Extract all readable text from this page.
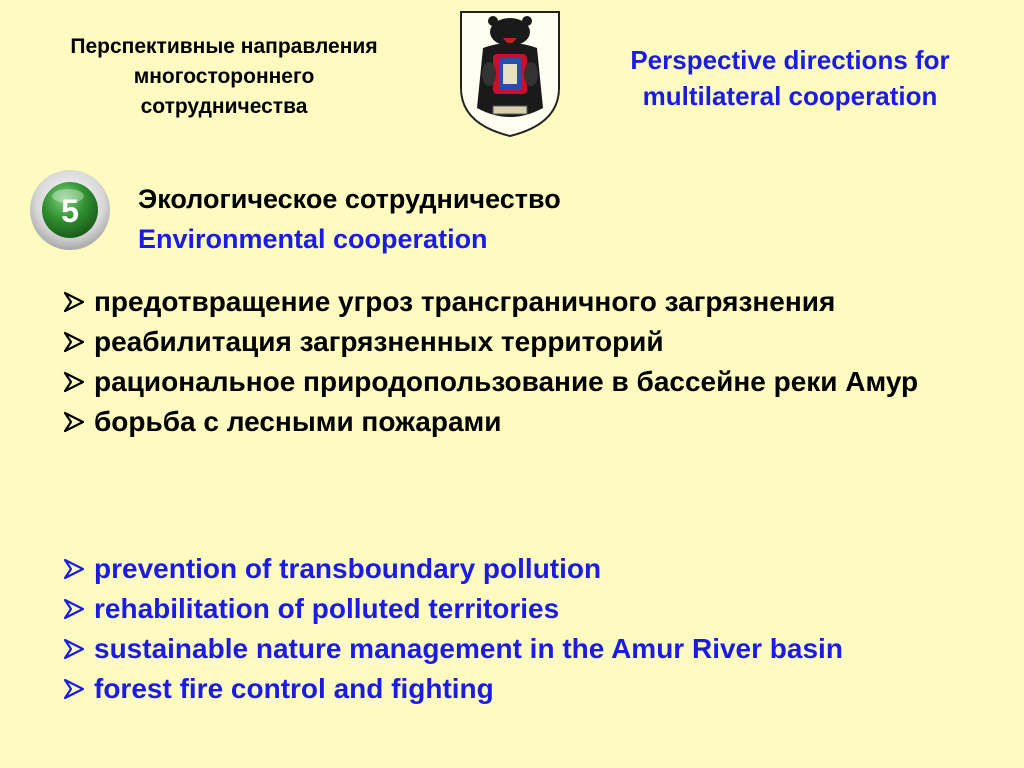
Перспективные направления
многостороннего
сотрудничества
Perspective directions for
multilateral cooperation
5 Экологическое сотрудничество
Environmental cooperation
предотвращение угроз трансграничного загрязнения
реабилитация загрязненных территорий
рациональное природопользование в бассейне реки Амур
борьба с лесными пожарами
prevention of transboundary pollution
rehabilitation of polluted territories
sustainable nature management in the Amur River basin
forest fire control and fighting
